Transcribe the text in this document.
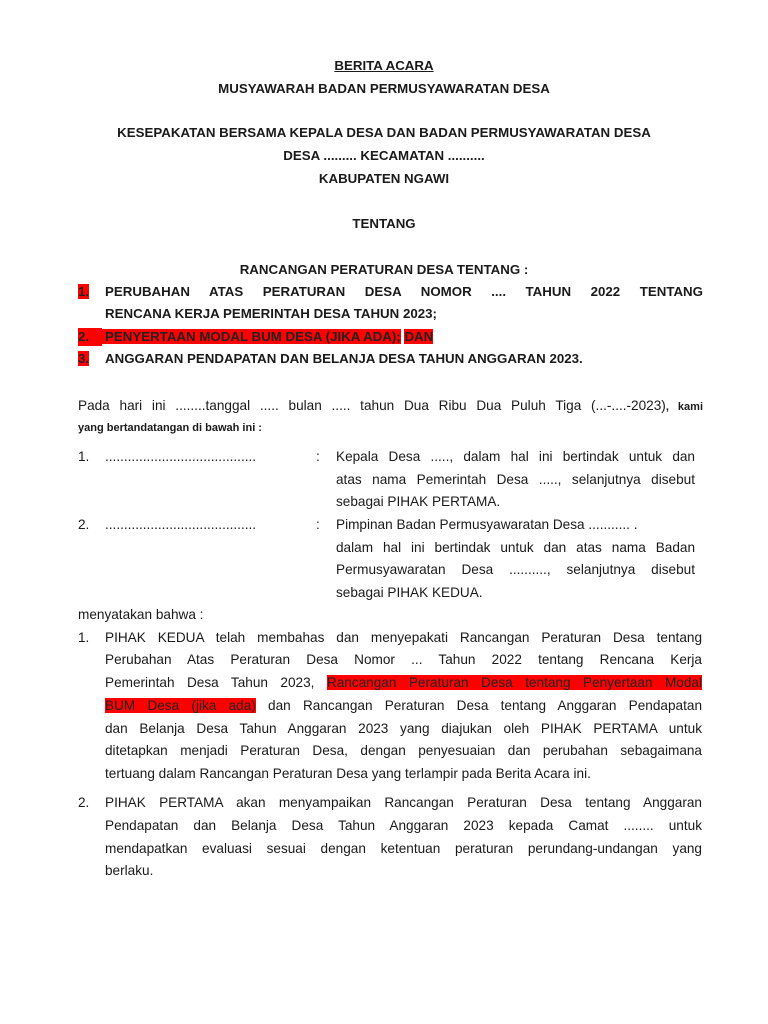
BERITA ACARA
MUSYAWARAH BADAN PERMUSYAWARATAN DESA
KESEPAKATAN BERSAMA KEPALA DESA DAN BADAN PERMUSYAWARATAN DESA
DESA ......... KECAMATAN ..........
KABUPATEN NGAWI
TENTANG
RANCANGAN PERATURAN DESA TENTANG :
1. PERUBAHAN ATAS PERATURAN DESA NOMOR .... TAHUN 2022 TENTANG
RENCANA KERJA PEMERINTAH DESA TAHUN 2023;
2.	PENYERTAAN MODAL BUM DESA (JIKA ADA); DAN
3. ANGGARAN PENDAPATAN DAN BELANJA DESA TAHUN ANGGARAN 2023.
Pada hari ini ........tanggal ..... bulan ..... tahun Dua Ribu Dua Puluh Tiga (...-....-2023), kami
yang bertandatangan di bawah ini :
1. ........................................	: Kepala Desa ....., dalam hal ini bertindak untuk dan
atas nama Pemerintah Desa ....., selanjutnya disebut
sebagai PIHAK PERTAMA.
2. ........................................	: Pimpinan Badan Permusyawaratan Desa ........... .
dalam hal ini bertindak untuk dan atas nama Badan
Permusyawaratan Desa .........., selanjutnya disebut
sebagai PIHAK KEDUA.
menyatakan bahwa :
1. PIHAK KEDUA telah membahas dan menyepakati Rancangan Peraturan Desa tentang
Perubahan Atas Peraturan Desa Nomor ... Tahun 2022 tentang Rencana Kerja
Pemerintah Desa Tahun 2023, Rancangan Peraturan Desa tentang Penyertaan Modal
BUM Desa (jika ada) dan Rancangan Peraturan Desa tentang Anggaran Pendapatan
dan Belanja Desa Tahun Anggaran 2023 yang diajukan oleh PIHAK PERTAMA untuk
ditetapkan menjadi Peraturan Desa, dengan penyesuaian dan perubahan sebagaimana
tertuang dalam Rancangan Peraturan Desa yang terlampir pada Berita Acara ini.
2. PIHAK PERTAMA akan menyampaikan Rancangan Peraturan Desa tentang Anggaran
Pendapatan dan Belanja Desa Tahun Anggaran 2023 kepada Camat ........ untuk
mendapatkan evaluasi sesuai dengan ketentuan peraturan perundang-undangan yang
berlaku.
